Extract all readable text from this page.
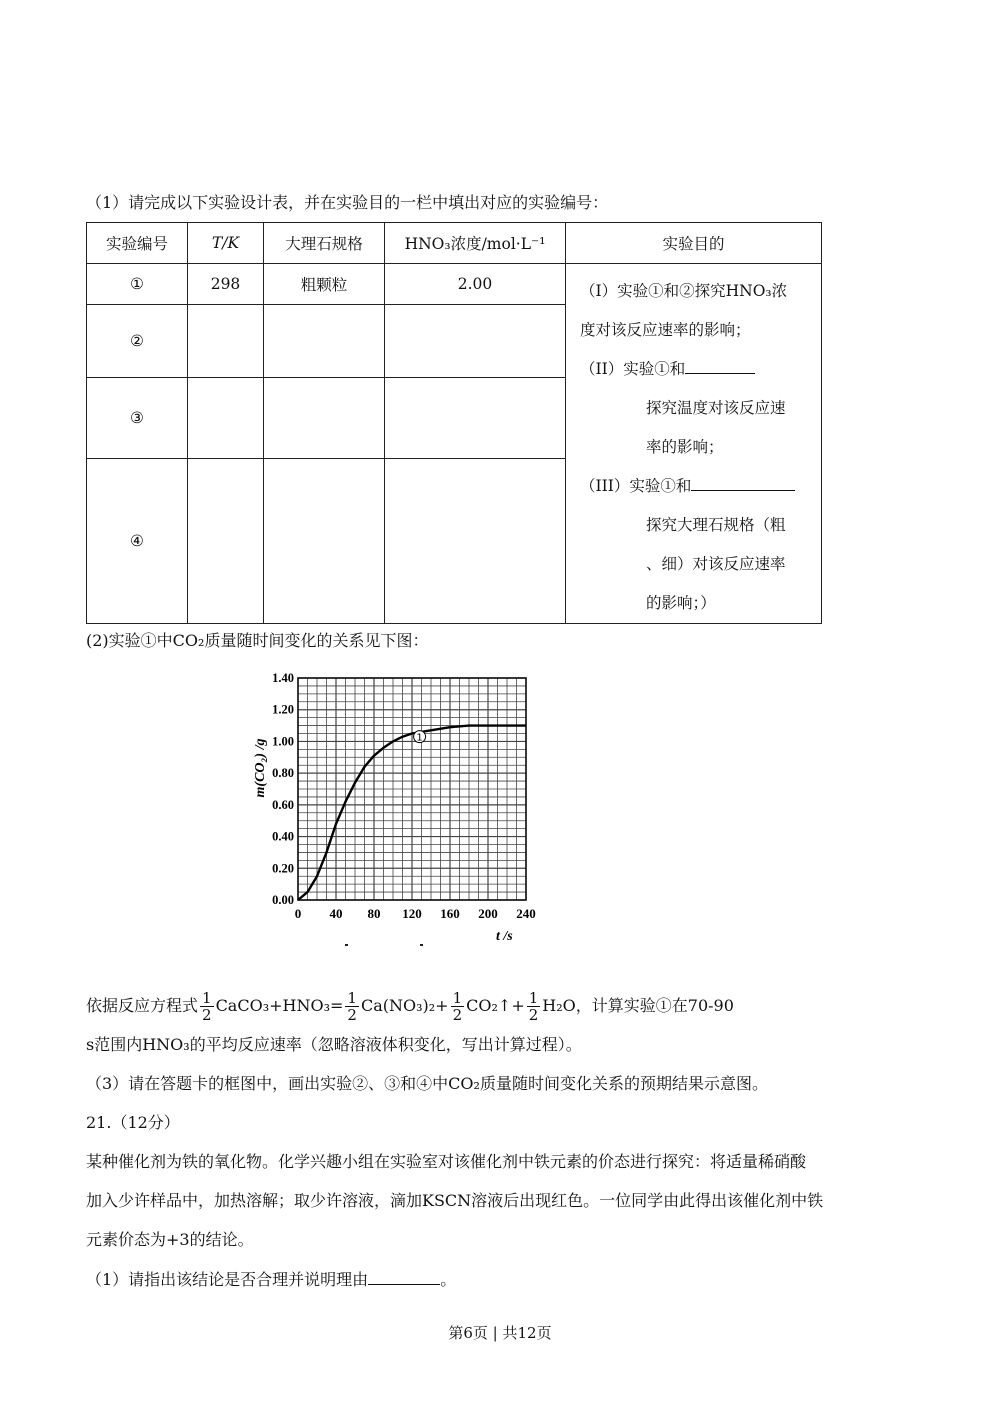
（1）请完成以下实验设计表，并在实验目的一栏中填出对应的实验编号：
实验编号	T/K	大理石规格	HNO₃浓度/mol·L⁻¹	实验目的
①	298	粗颗粒	2.00	（I）实验①和②探究HNO₃浓
度对该反应速率的影响；
（II）实验①和
探究温度对该反应速
率的影响；
（III）实验①和
探究大理石规格（粗
、细）对该反应速率
的影响；）

②				
③				
④				
(2)实验①中CO₂质量随时间变化的关系见下图：
0 40 80 120 160 200 240
0.00
0.20
0.40
0.60
0.80
1.00
1.20
1.40
t /s
m(CO₂) /g
1
依据反应方程式 $\frac{1}{2}$ CaCO₃+HNO₃= $\frac{1}{2} Ca(NO_3)_2+ \frac{1}{2}$ CO₂↑+ $\frac{1}{2} H_2O$，计算实验①在70-90
s范围内HNO₃的平均反应速率（忽略溶液体积变化，写出计算过程）。
（3）请在答题卡的框图中，画出实验②、③和④中CO₂质量随时间变化关系的预期结果示意图。
21.（12分）
某种催化剂为铁的氧化物。化学兴趣小组在实验室对该催化剂中铁元素的价态进行探究：将适量稀硝酸
加入少许样品中，加热溶解；取少许溶液，滴加KSCN溶液后出现红色。一位同学由此得出该催化剂中铁
元素价态为+3的结论。
（1）请指出该结论是否合理并说明理由	。
第6页 | 共12页
